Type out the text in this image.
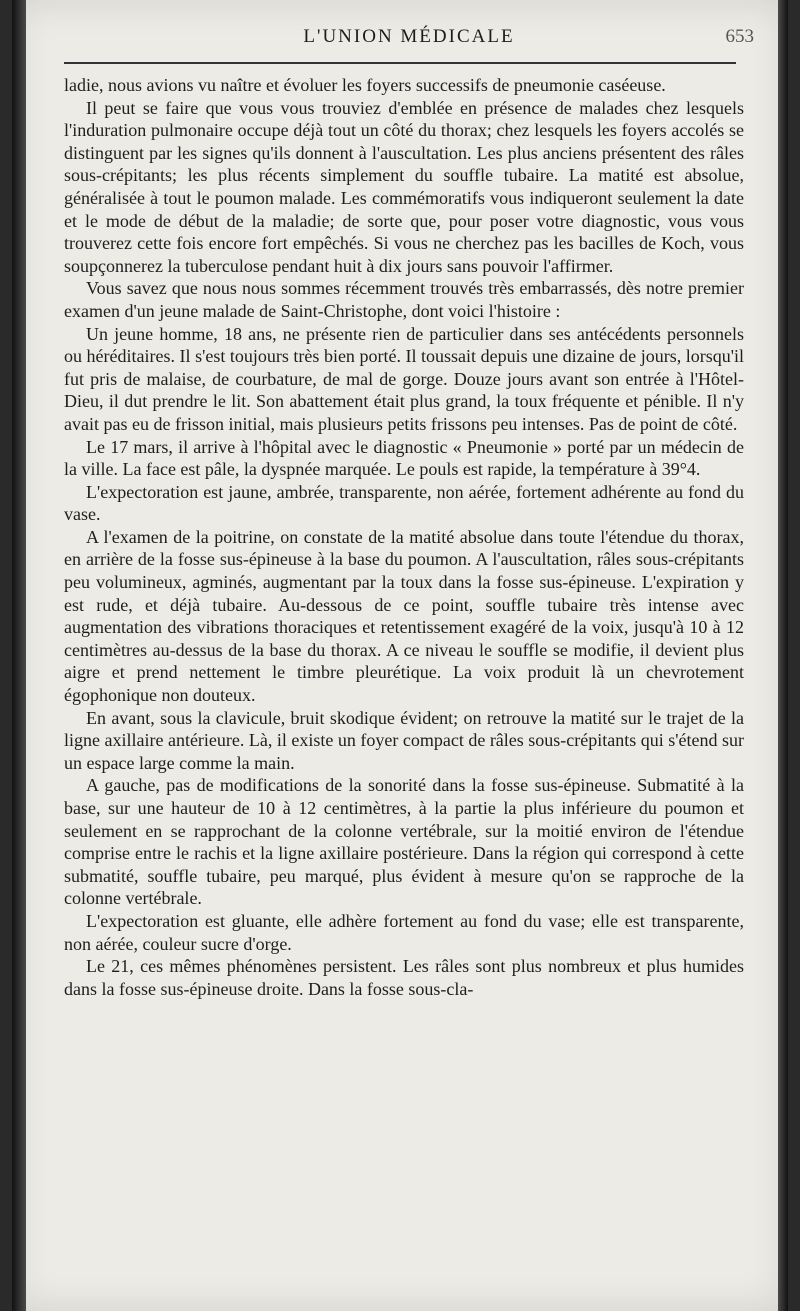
L'UNION MÉDICALE	653

ladie, nous avions vu naître et évoluer les foyers successifs de pneumonie caséeuse.

Il peut se faire que vous vous trouviez d'emblée en présence de malades chez lesquels l'induration pulmonaire occupe déjà tout un côté du thorax; chez lesquels les foyers accolés se distinguent par les signes qu'ils donnent à l'auscultation. Les plus anciens présentent des râles sous-crépitants; les plus récents simplement du souffle tubaire. La matité est absolue, généralisée à tout le poumon malade. Les commémoratifs vous indiqueront seulement la date et le mode de début de la maladie; de sorte que, pour poser votre diagnostic, vous vous trouverez cette fois encore fort empêchés. Si vous ne cherchez pas les bacilles de Koch, vous soupçonnerez la tuberculose pendant huit à dix jours sans pouvoir l'affirmer.

Vous savez que nous nous sommes récemment trouvés très embarrassés, dès notre premier examen d'un jeune malade de Saint-Christophe, dont voici l'histoire :

Un jeune homme, 18 ans, ne présente rien de particulier dans ses antécédents personnels ou héréditaires. Il s'est toujours très bien porté. Il toussait depuis une dizaine de jours, lorsqu'il fut pris de malaise, de courbature, de mal de gorge. Douze jours avant son entrée à l'Hôtel-Dieu, il dut prendre le lit. Son abattement était plus grand, la toux fréquente et pénible. Il n'y avait pas eu de frisson initial, mais plusieurs petits frissons peu intenses. Pas de point de côté.

Le 17 mars, il arrive à l'hôpital avec le diagnostic « Pneumonie » porté par un médecin de la ville. La face est pâle, la dyspnée marquée. Le pouls est rapide, la température à 39°4.

L'expectoration est jaune, ambrée, transparente, non aérée, fortement adhérente au fond du vase.

A l'examen de la poitrine, on constate de la matité absolue dans toute l'étendue du thorax, en arrière de la fosse sus-épineuse à la base du poumon. A l'auscultation, râles sous-crépitants peu volumineux, agminés, augmentant par la toux dans la fosse sus-épineuse. L'expiration y est rude, et déjà tubaire. Au-dessous de ce point, souffle tubaire très intense avec augmentation des vibrations thoraciques et retentissement exagéré de la voix, jusqu'à 10 à 12 centimètres au-dessus de la base du thorax. A ce niveau le souffle se modifie, il devient plus aigre et prend nettement le timbre pleurétique. La voix produit là un chevrotement égophonique non douteux.

En avant, sous la clavicule, bruit skodique évident; on retrouve la matité sur le trajet de la ligne axillaire antérieure. Là, il existe un foyer compact de râles sous-crépitants qui s'étend sur un espace large comme la main.

A gauche, pas de modifications de la sonorité dans la fosse sus-épineuse. Submatité à la base, sur une hauteur de 10 à 12 centimètres, à la partie la plus inférieure du poumon et seulement en se rapprochant de la colonne vertébrale, sur la moitié environ de l'étendue comprise entre le rachis et la ligne axillaire postérieure. Dans la région qui correspond à cette submatité, souffle tubaire, peu marqué, plus évident à mesure qu'on se rapproche de la colonne vertébrale.

L'expectoration est gluante, elle adhère fortement au fond du vase; elle est transparente, non aérée, couleur sucre d'orge.

Le 21, ces mêmes phénomènes persistent. Les râles sont plus nombreux et plus humides dans la fosse sus-épineuse droite. Dans la fosse sous-cla-
